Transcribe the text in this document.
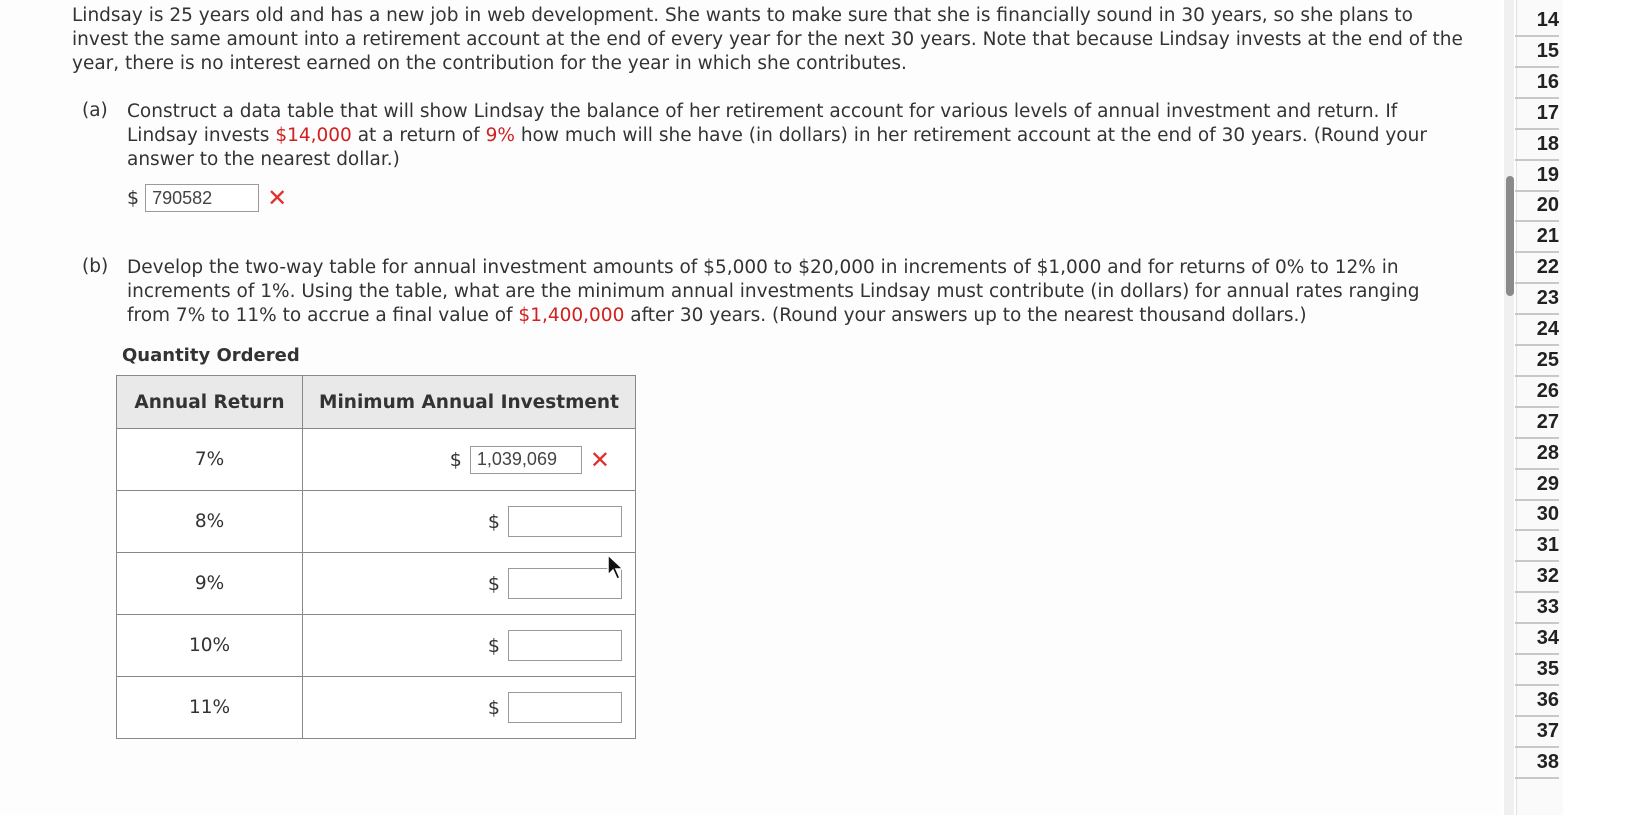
Lindsay is 25 years old and has a new job in web development. She wants to make sure that she is financially sound in 30 years, so she plans to invest the same amount into a retirement account at the end of every year for the next 30 years. Note that because Lindsay invests at the end of the year, there is no interest earned on the contribution for the year in which she contributes.
(a) Construct a data table that will show Lindsay the balance of her retirement account for various levels of annual investment and return. If Lindsay invests $14,000 at a return of 9% how much will she have (in dollars) in her retirement account at the end of 30 years. (Round your answer to the nearest dollar.)
$ 790582	✕
(b) Develop the two-way table for annual investment amounts of $5,000 to $20,000 in increments of $1,000 and for returns of 0% to 12% in increments of 1%. Using the table, what are the minimum annual investments Lindsay must contribute (in dollars) for annual rates ranging from 7% to 11% to accrue a final value of $1,400,000 after 30 years. (Round your answers up to the nearest thousand dollars.)
Quantity Ordered
Annual Return	Minimum Annual Investment
7%	$ 1,039,069 ✕

8%	$

9%	$

10%	$

11%	$
14
15
16
17
18
19
20
21
22
23
24
25
26
27
28
29
30
31
32
33
34
35
36
37
38
